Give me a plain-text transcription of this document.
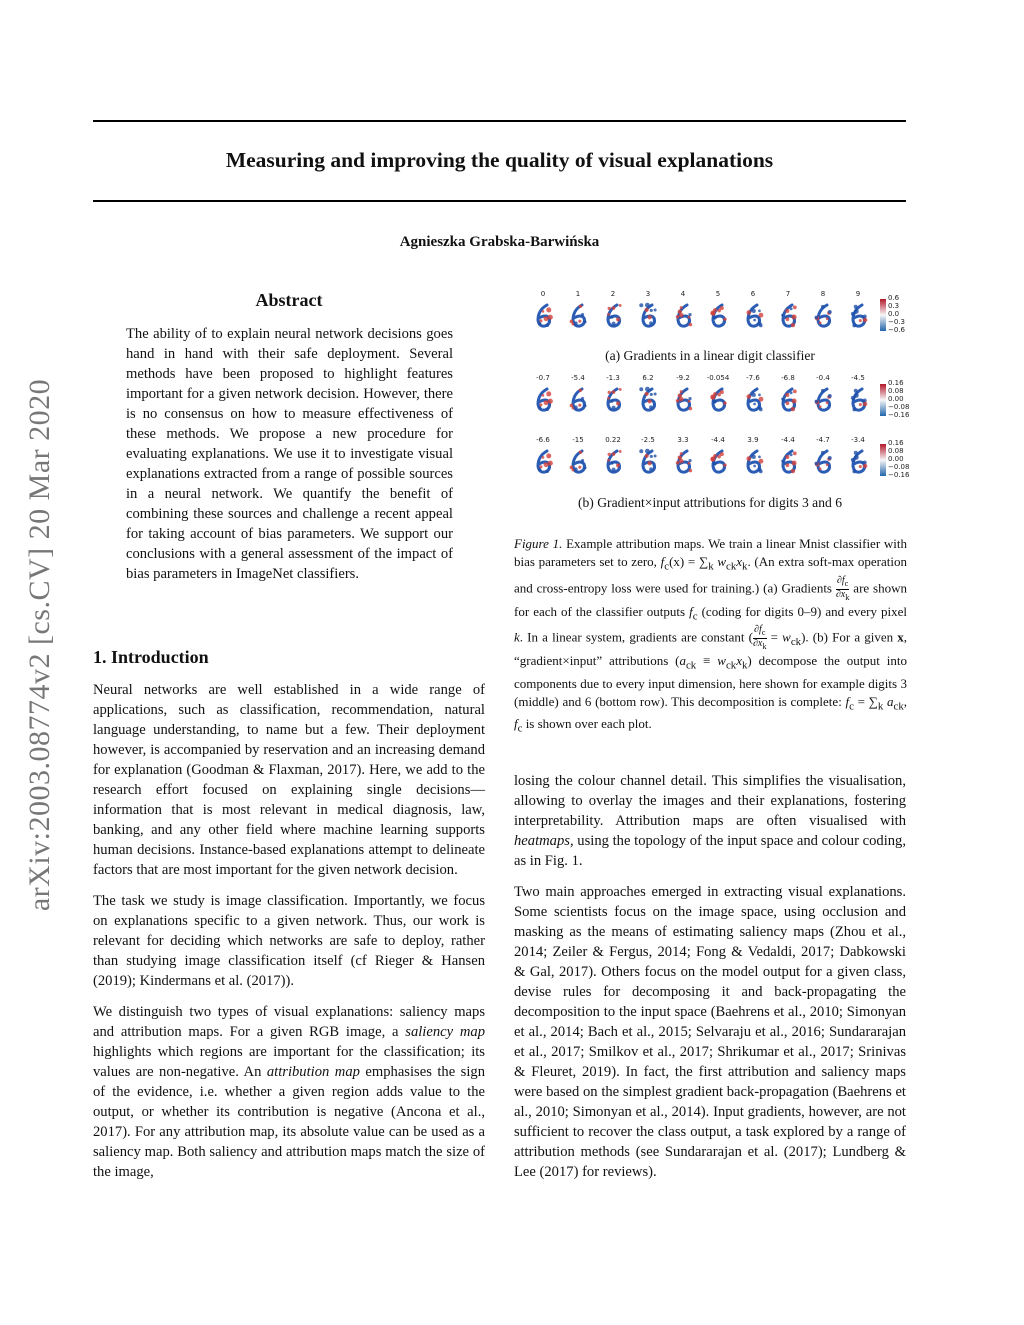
arXiv:2003.08774v2 [cs.CV] 20 Mar 2020
Measuring and improving the quality of visual explanations
Agnieszka Grabska-Barwińska
Abstract
The ability of to explain neural network decisions goes hand in hand with their safe deployment. Several methods have been proposed to highlight features important for a given network decision. However, there is no consensus on how to measure effectiveness of these methods. We propose a new procedure for evaluating explanations. We use it to investigate visual explanations extracted from a range of possible sources in a neural network. We quantify the benefit of combining these sources and challenge a recent appeal for taking account of bias parameters. We support our conclusions with a general assessment of the impact of bias parameters in ImageNet classifiers.
1. Introduction

Neural networks are well established in a wide range of applications, such as classification, recommendation, natural language understanding, to name but a few. Their deployment however, is accompanied by reservation and an increasing demand for explanation (Goodman & Flaxman, 2017). Here, we add to the research effort focused on explaining single decisions—information that is most relevant in medical diagnosis, law, banking, and any other field where machine learning supports human decisions. Instance-based explanations attempt to delineate factors that are most important for the given network decision.

The task we study is image classification. Importantly, we focus on explanations specific to a given network. Thus, our work is relevant for deciding which networks are safe to deploy, rather than studying image classification itself (cf Rieger & Hansen (2019); Kindermans et al. (2017)).

We distinguish two types of visual explanations: saliency maps and attribution maps. For a given RGB image, a saliency map highlights which regions are important for the classification; its values are non-negative. An attribution map emphasises the sign of the evidence, i.e. whether a given region adds value to the output, or whether its contribution is negative (Ancona et al., 2017). For any attribution map, its absolute value can be used as a saliency map. Both saliency and attribution maps match the size of the image,

losing the colour channel detail. This simplifies the visualisation, allowing to overlay the images and their explanations, fostering interpretability. Attribution maps are often visualised with heatmaps, using the topology of the input space and colour coding, as in Fig. 1.

Two main approaches emerged in extracting visual explanations. Some scientists focus on the image space, using occlusion and masking as the means of estimating saliency maps (Zhou et al., 2014; Zeiler & Fergus, 2014; Fong & Vedaldi, 2017; Dabkowski & Gal, 2017). Others focus on the model output for a given class, devise rules for decomposing it and back-propagating the decomposition to the input space (Baehrens et al., 2010; Simonyan et al., 2014; Bach et al., 2015; Selvaraju et al., 2016; Sundararajan et al., 2017; Smilkov et al., 2017; Shrikumar et al., 2017; Srinivas & Fleuret, 2019). In fact, the first attribution and saliency maps were based on the simplest gradient back-propagation (Baehrens et al., 2010; Simonyan et al., 2014). Input gradients, however, are not sufficient to recover the class output, a task explored by a range of attribution methods (see Sundararajan et al. (2017); Lundberg & Lee (2017) for reviews).

0	1	2	3	4	5	6	7	8	9	0.6
0.3
0.0
−0.3
−0.6
-0.7	-5.4	-1.3	6.2	-9.2	-0.054	-7.6	-6.8	-0.4	-4.5
0.16
0.08
0.00
−0.08
−0.16
-6.6	-15	0.22	-2.5	3.3	-4.4	3.9	-4.4	-4.7	-3.4	0.16
0.08
0.00
−0.08
−0.16
(a) Gradients in a linear digit classifier
(b) Gradient×input attributions for digits 3 and 6
Figure 1. Example attribution maps. We train a linear Mnist classifier with bias parameters set to zero, $f_c(x) = \sum_k$ $w_{ck}x_k$. (An extra soft-max operation and cross-entropy loss were used for training.) (a) Gradients $\frac{\partial f_c}{\partial x_k}$ are shown for each of the classifier outputs $f_c$ (coding for digits 0–9) and every pixel k. In a linear system, gradients are constant ( $\frac{\partial f_c}{\partial x_k} = w_{ck}$). (b) For a given x, “gradient×input” attributions $(a_{ck} \equiv w_{ck}x_k)$ decompose the output into components due to every input dimension, here shown for example digits 3 (middle) and 6 (bottom row). This decomposition is complete: $f_c = \sum_k$ $a_{ck}$, $f_c$ is shown over each plot.
